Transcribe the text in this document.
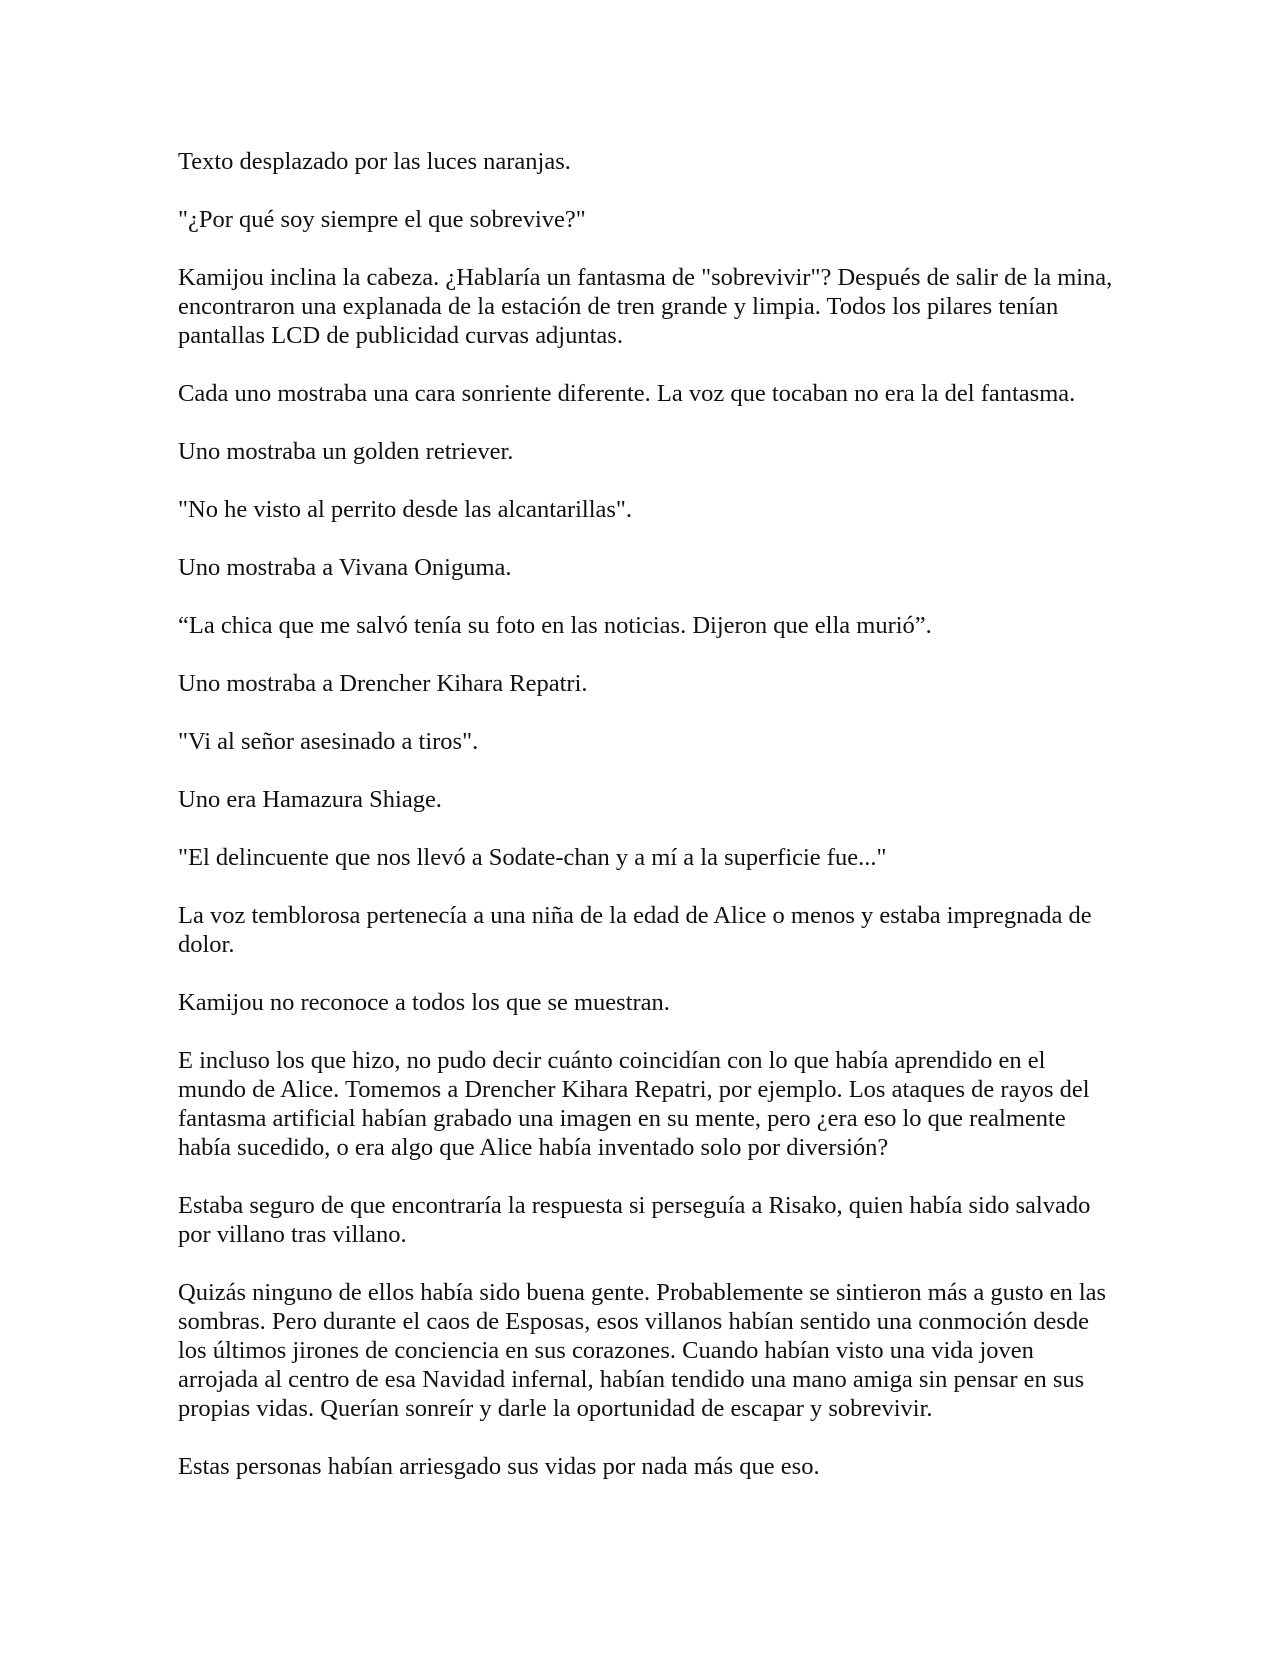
Texto desplazado por las luces naranjas.

"¿Por qué soy siempre el que sobrevive?"

Kamijou inclina la cabeza. ¿Hablaría un fantasma de "sobrevivir"? Después de salir de la mina, encontraron una explanada de la estación de tren grande y limpia. Todos los pilares tenían pantallas LCD de publicidad curvas adjuntas.

Cada uno mostraba una cara sonriente diferente. La voz que tocaban no era la del fantasma.

Uno mostraba un golden retriever.

"No he visto al perrito desde las alcantarillas".

Uno mostraba a Vivana Oniguma.

“La chica que me salvó tenía su foto en las noticias. Dijeron que ella murió”.

Uno mostraba a Drencher Kihara Repatri.

"Vi al señor asesinado a tiros".

Uno era Hamazura Shiage.

"El delincuente que nos llevó a Sodate-chan y a mí a la superficie fue..."

La voz temblorosa pertenecía a una niña de la edad de Alice o menos y estaba impregnada de dolor.

Kamijou no reconoce a todos los que se muestran.

E incluso los que hizo, no pudo decir cuánto coincidían con lo que había aprendido en el mundo de Alice. Tomemos a Drencher Kihara Repatri, por ejemplo. Los ataques de rayos del fantasma artificial habían grabado una imagen en su mente, pero ¿era eso lo que realmente había sucedido, o era algo que Alice había inventado solo por diversión?

Estaba seguro de que encontraría la respuesta si perseguía a Risako, quien había sido salvado por villano tras villano.

Quizás ninguno de ellos había sido buena gente. Probablemente se sintieron más a gusto en las sombras. Pero durante el caos de Esposas, esos villanos habían sentido una conmoción desde los últimos jirones de conciencia en sus corazones. Cuando habían visto una vida joven arrojada al centro de esa Navidad infernal, habían tendido una mano amiga sin pensar en sus propias vidas. Querían sonreír y darle la oportunidad de escapar y sobrevivir.

Estas personas habían arriesgado sus vidas por nada más que eso.
